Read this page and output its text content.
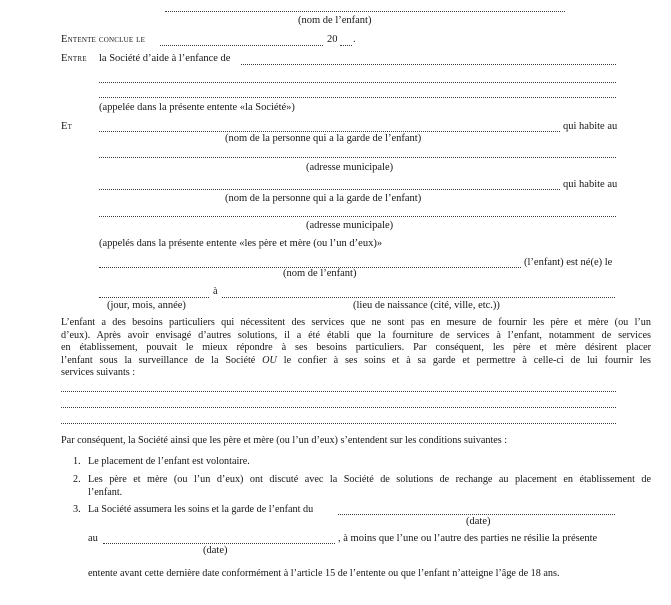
(nom de l’enfant)
Entente conclue le	20 .
Entre la Société d’aide à l’enfance de
(appelée dans la présente entente «la Société»)
Et	qui habite au
(nom de la personne qui a la garde de l’enfant)
(adresse municipale)
qui habite au
(nom de la personne qui a la garde de l’enfant)
(adresse municipale)
(appelés dans la présente entente «les père et mère (ou l’un d’eux)»
(l’enfant) est né(e) le
(nom de l’enfant)
à
(jour, mois, année)	(lieu de naissance (cité, ville, etc.))
L’enfant a des besoins particuliers qui nécessitent des services que ne sont pas en mesure de fournir les père et mère (ou l’un
d’eux). Après avoir envisagé d’autres solutions, il a été établi que la fourniture de services à l’enfant, notamment de services
en établissement, pouvait le mieux répondre à ses besoins particuliers. Par conséquent, les père et mère désirent placer
l’enfant sous la surveillance de la Société OU le confier à ses soins et à sa garde et permettre à celle-ci de lui fournir les
services suivants :
Par conséquent, la Société ainsi que les père et mère (ou l’un d’eux) s’entendent sur les conditions suivantes :
1. Le placement de l’enfant est volontaire.
2. Les père et mère (ou l’un d’eux) ont discuté avec la Société de solutions de rechange au placement en établissement de
l’enfant.
3. La Société assumera les soins et la garde de l’enfant du
(date)
au	, à moins que l’une ou l’autre des parties ne résilie la présente
(date)
entente avant cette dernière date conformément à l’article 15 de l’entente ou que l’enfant n’atteigne l’âge de 18 ans.
